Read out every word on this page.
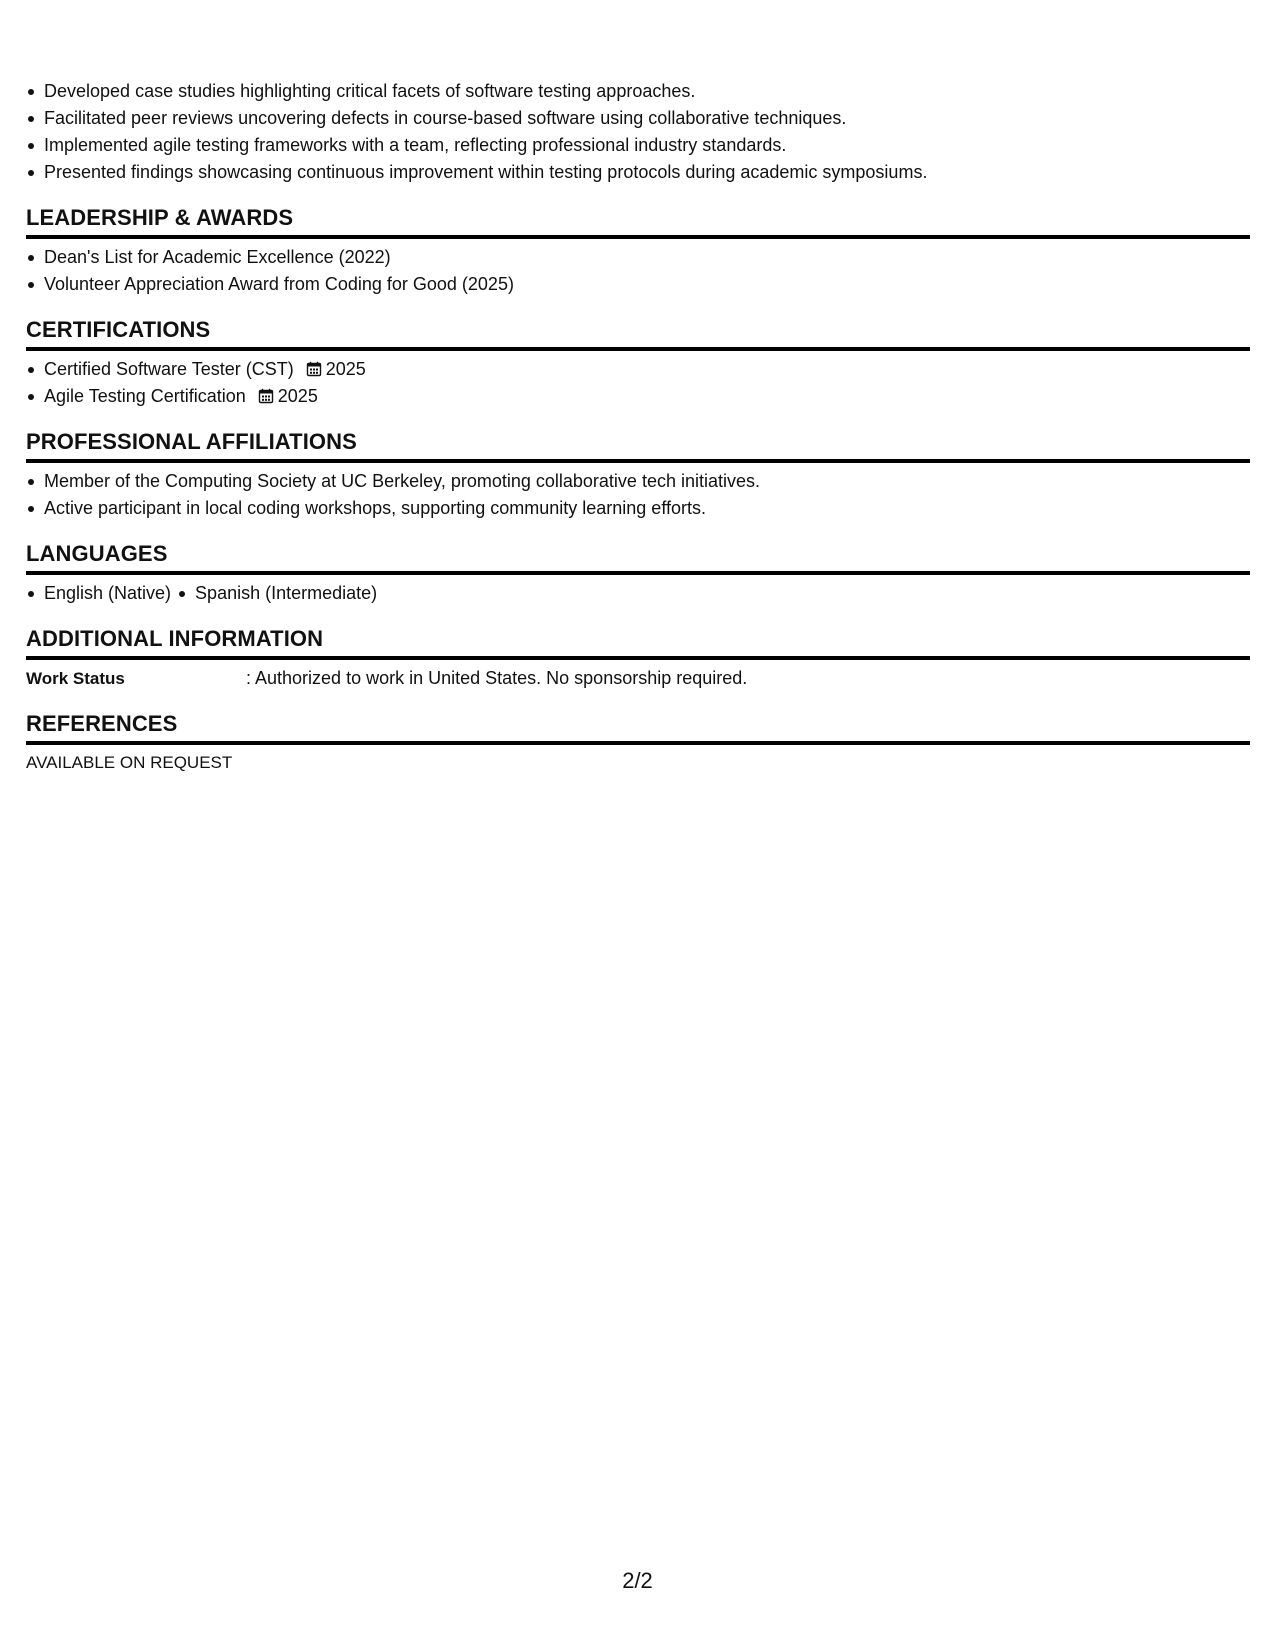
Developed case studies highlighting critical facets of software testing approaches.
Facilitated peer reviews uncovering defects in course-based software using collaborative techniques.
Implemented agile testing frameworks with a team, reflecting professional industry standards.
Presented findings showcasing continuous improvement within testing protocols during academic symposiums.
LEADERSHIP & AWARDS
Dean's List for Academic Excellence (2022)
Volunteer Appreciation Award from Coding for Good (2025)
CERTIFICATIONS
Certified Software Tester (CST) 2025
Agile Testing Certification 2025
PROFESSIONAL AFFILIATIONS
Member of the Computing Society at UC Berkeley, promoting collaborative tech initiatives.
Active participant in local coding workshops, supporting community learning efforts.
LANGUAGES
English (Native) Spanish (Intermediate)
ADDITIONAL INFORMATION
Work Status	: Authorized to work in United States. No sponsorship required.
REFERENCES
AVAILABLE ON REQUEST
2/2
